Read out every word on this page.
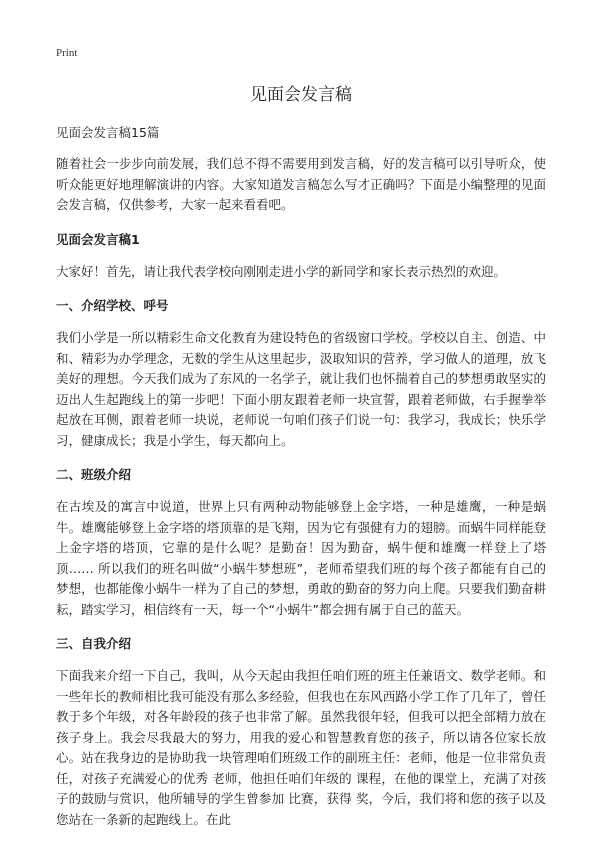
Print
见面会发言稿

见面会发言稿15篇

随着社会一步步向前发展，我们总不得不需要用到发言稿，好的发言稿可以引导听众，使听众能更好地理解演讲的内容。大家知道发言稿怎么写才正确吗？下面是小编整理的见面会发言稿，仅供参考，大家一起来看看吧。

见面会发言稿1

大家好！首先，请让我代表学校向刚刚走进小学的新同学和家长表示热烈的欢迎。

一、介绍学校、呼号

我们小学是一所以精彩生命文化教育为建设特色的省级窗口学校。学校以自主、创造、中和、精彩为办学理念，无数的学生从这里起步，汲取知识的营养，学习做人的道理，放飞美好的理想。今天我们成为了东风的一名学子，就让我们也怀揣着自己的梦想勇敢坚实的迈出人生起跑线上的第一步吧！下面小朋友跟着老师一块宣誓，跟着老师做，右手握拳举起放在耳侧，跟着老师一块说，老师说一句咱们孩子们说一句：我学习，我成长；快乐学习，健康成长；我是小学生，每天都向上。

二、班级介绍

在古埃及的寓言中说道，世界上只有两种动物能够登上金字塔，一种是雄鹰，一种是蜗牛。雄鹰能够登上金字塔的塔顶靠的是飞翔，因为它有强健有力的翅膀。而蜗牛同样能登上金字塔的塔顶，它靠的是什么呢？是勤奋！因为勤奋，蜗牛便和雄鹰一样登上了塔顶…… 所以我们的班名叫做“小蜗牛梦想班”，老师希望我们班的每个孩子都能有自己的梦想，也都能像小蜗牛一样为了自己的梦想，勇敢的勤奋的努力向上爬。只要我们勤奋耕耘，踏实学习，相信终有一天，每一个“小蜗牛”都会拥有属于自己的蓝天。

三、自我介绍

下面我来介绍一下自己，我叫，从今天起由我担任咱们班的班主任兼语文、数学老师。和一些年长的教师相比我可能没有那么多经验，但我也在东风西路小学工作了几年了，曾任教于多个年级，对各年龄段的孩子也非常了解。虽然我很年轻，但我可以把全部精力放在孩子身上。我会尽我最大的努力，用我的爱心和智慧教育您的孩子，所以请各位家长放心。站在我身边的是协助我一块管理咱们班级工作的副班主任：老师，他是一位非常负责任，对孩子充满爱心的优秀 老师，他担任咱们年级的 课程，在他的课堂上，充满了对孩子的鼓励与赏识，他所辅导的学生曾参加 比赛，获得 奖，今后，我们将和您的孩子以及您站在一条新的起跑线上。在此
